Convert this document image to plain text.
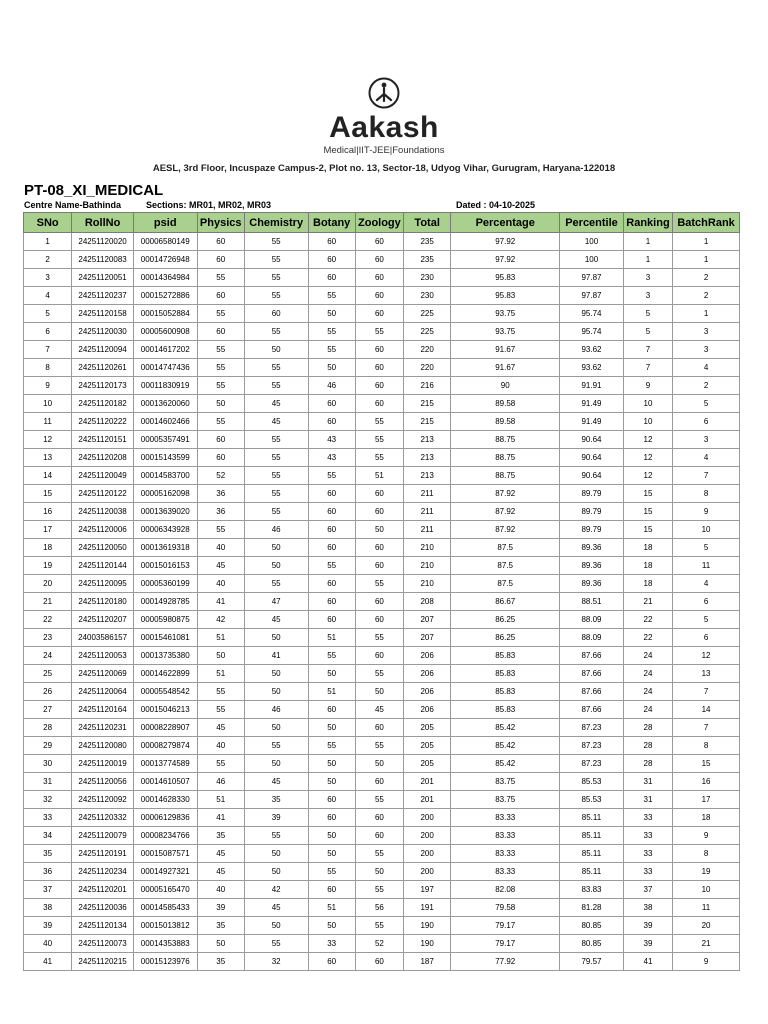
Aakash
Medical|IIT-JEE|Foundations
AESL, 3rd Floor, Incuspaze Campus-2, Plot no. 13, Sector-18, Udyog Vihar, Gurugram, Haryana-122018
PT-08_XI_MEDICAL
Centre Name-Bathinda	Sections: MR01, MR02, MR03	Dated : 04-10-2025
SNo	RollNo	psid	Physics	Chemistry	Botany	Zoology	Total	Percentage	Percentile	Ranking	BatchRank
1	24251120020	00006580149	60	55	60	60	235	97.92	100	1	1
2	24251120083	00014726948	60	55	60	60	235	97.92	100	1	1
3	24251120051	00014364984	55	55	60	60	230	95.83	97.87	3	2
4	24251120237	00015272886	60	55	55	60	230	95.83	97.87	3	2
5	24251120158	00015052884	55	60	50	60	225	93.75	95.74	5	1
6	24251120030	00005600908	60	55	55	55	225	93.75	95.74	5	3
7	24251120094	00014617202	55	50	55	60	220	91.67	93.62	7	3
8	24251120261	00014747436	55	55	50	60	220	91.67	93.62	7	4
9	24251120173	00011830919	55	55	46	60	216	90	91.91	9	2
10	24251120182	00013620060	50	45	60	60	215	89.58	91.49	10	5
11	24251120222	00014602466	55	45	60	55	215	89.58	91.49	10	6
12	24251120151	00005357491	60	55	43	55	213	88.75	90.64	12	3
13	24251120208	00015143599	60	55	43	55	213	88.75	90.64	12	4
14	24251120049	00014583700	52	55	55	51	213	88.75	90.64	12	7
15	24251120122	00005162098	36	55	60	60	211	87.92	89.79	15	8
16	24251120038	00013639020	36	55	60	60	211	87.92	89.79	15	9
17	24251120006	00006343928	55	46	60	50	211	87.92	89.79	15	10
18	24251120050	00013619318	40	50	60	60	210	87.5	89.36	18	5
19	24251120144	00015016153	45	50	55	60	210	87.5	89.36	18	11
20	24251120095	00005360199	40	55	60	55	210	87.5	89.36	18	4
21	24251120180	00014928785	41	47	60	60	208	86.67	88.51	21	6
22	24251120207	00005980875	42	45	60	60	207	86.25	88.09	22	5
23	24003586157	00015461081	51	50	51	55	207	86.25	88.09	22	6
24	24251120053	00013735380	50	41	55	60	206	85.83	87.66	24	12
25	24251120069	00014622899	51	50	50	55	206	85.83	87.66	24	13
26	24251120064	00005548542	55	50	51	50	206	85.83	87.66	24	7
27	24251120164	00015046213	55	46	60	45	206	85.83	87.66	24	14
28	24251120231	00008228907	45	50	50	60	205	85.42	87.23	28	7
29	24251120080	00008279874	40	55	55	55	205	85.42	87.23	28	8
30	24251120019	00013774589	55	50	50	50	205	85.42	87.23	28	15
31	24251120056	00014610507	46	45	50	60	201	83.75	85.53	31	16
32	24251120092	00014628330	51	35	60	55	201	83.75	85.53	31	17
33	24251120332	00006129836	41	39	60	60	200	83.33	85.11	33	18
34	24251120079	00008234766	35	55	50	60	200	83.33	85.11	33	9
35	24251120191	00015087571	45	50	50	55	200	83.33	85.11	33	8
36	24251120234	00014927321	45	50	55	50	200	83.33	85.11	33	19
37	24251120201	00005165470	40	42	60	55	197	82.08	83.83	37	10
38	24251120036	00014585433	39	45	51	56	191	79.58	81.28	38	11
39	24251120134	00015013812	35	50	50	55	190	79.17	80.85	39	20
40	24251120073	00014353883	50	55	33	52	190	79.17	80.85	39	21
41	24251120215	00015123976	35	32	60	60	187	77.92	79.57	41	9
